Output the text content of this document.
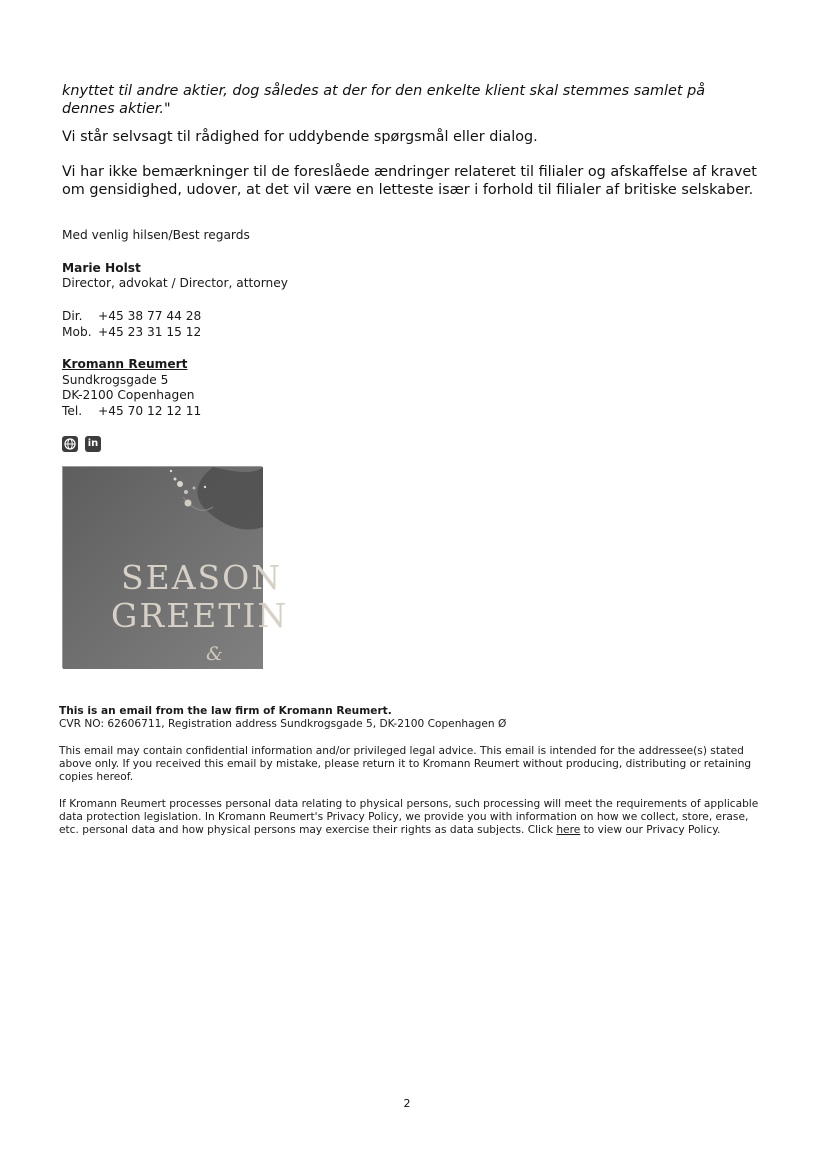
knyttet til andre aktier, dog således at der for den enkelte klient skal stemmes samlet på dennes aktier."
Vi står selvsagt til rådighed for uddybende spørgsmål eller dialog.
Vi har ikke bemærkninger til de foreslåede ændringer relateret til filialer og afskaffelse af kravet om gensidighed, udover, at det vil være en letteste især i forhold til filialer af britiske selskaber.
Med venlig hilsen/Best regards
Marie Holst
Director, advokat / Director, attorney
Dir. +45 38 77 44 28
Mob. +45 23 31 15 12
Kromann Reumert
Sundkrogsgade 5
DK-2100 Copenhagen
Tel. +45 70 12 12 11
in
SEASON
GREETIN
&
This is an email from the law firm of Kromann Reumert.
CVR NO: 62606711, Registration address Sundkrogsgade 5, DK-2100 Copenhagen Ø
This email may contain confidential information and/or privileged legal advice. This email is intended for the addressee(s) stated above only. If you received this email by mistake, please return it to Kromann Reumert without producing, distributing or retaining copies hereof.
If Kromann Reumert processes personal data relating to physical persons, such processing will meet the requirements of applicable data protection legislation. In Kromann Reumert's Privacy Policy, we provide you with information on how we collect, store, erase, etc. personal data and how physical persons may exercise their rights as data subjects. Click here to view our Privacy Policy.
2
